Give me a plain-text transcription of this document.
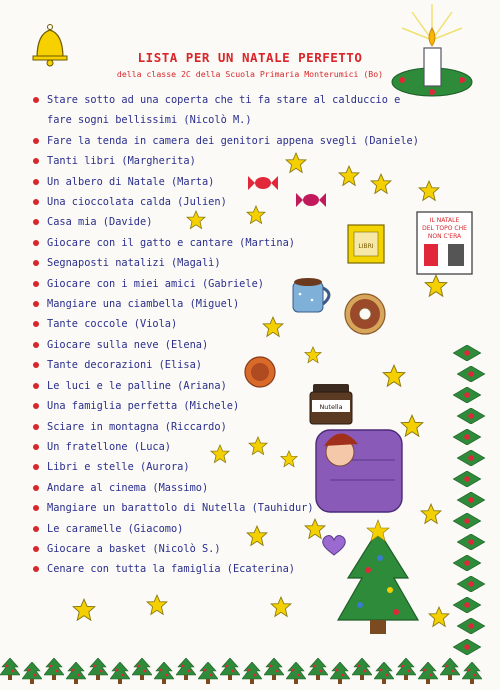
LISTA PER UN NATALE PERFETTO
della classe 2C della Scuola Primaria Monterumici (Bo)
Stare sotto ad una coperta che ti fa stare al calduccio e
fare sogni bellissimi (Nicolò M.)
Fare la tenda in camera dei genitori appena svegli (Daniele)
Tanti libri (Margherita)
Un albero di Natale (Marta)
Una cioccolata calda (Julien)
Casa mia (Davide)
Giocare con il gatto e cantare (Martina)
Segnaposti natalizi (Magalì)
Giocare con i miei amici (Gabriele)
Mangiare una ciambella (Miguel)
Tante coccole (Viola)
Giocare sulla neve (Elena)
Tante decorazioni (Elisa)
Le luci e le palline (Ariana)
Una famiglia perfetta (Michele)
Sciare in montagna (Riccardo)
Un fratellone (Luca)
Libri e stelle (Aurora)
Andare al cinema (Massimo)
Mangiare un barattolo di Nutella (Tauhidur)
Le caramelle (Giacomo)
Giocare a basket (Nicolò S.)
Cenare con tutta la famiglia (Ecaterina)
LIBRI
IL NATALE
DEL TOPO CHE
NON C'ERA
Nutella
